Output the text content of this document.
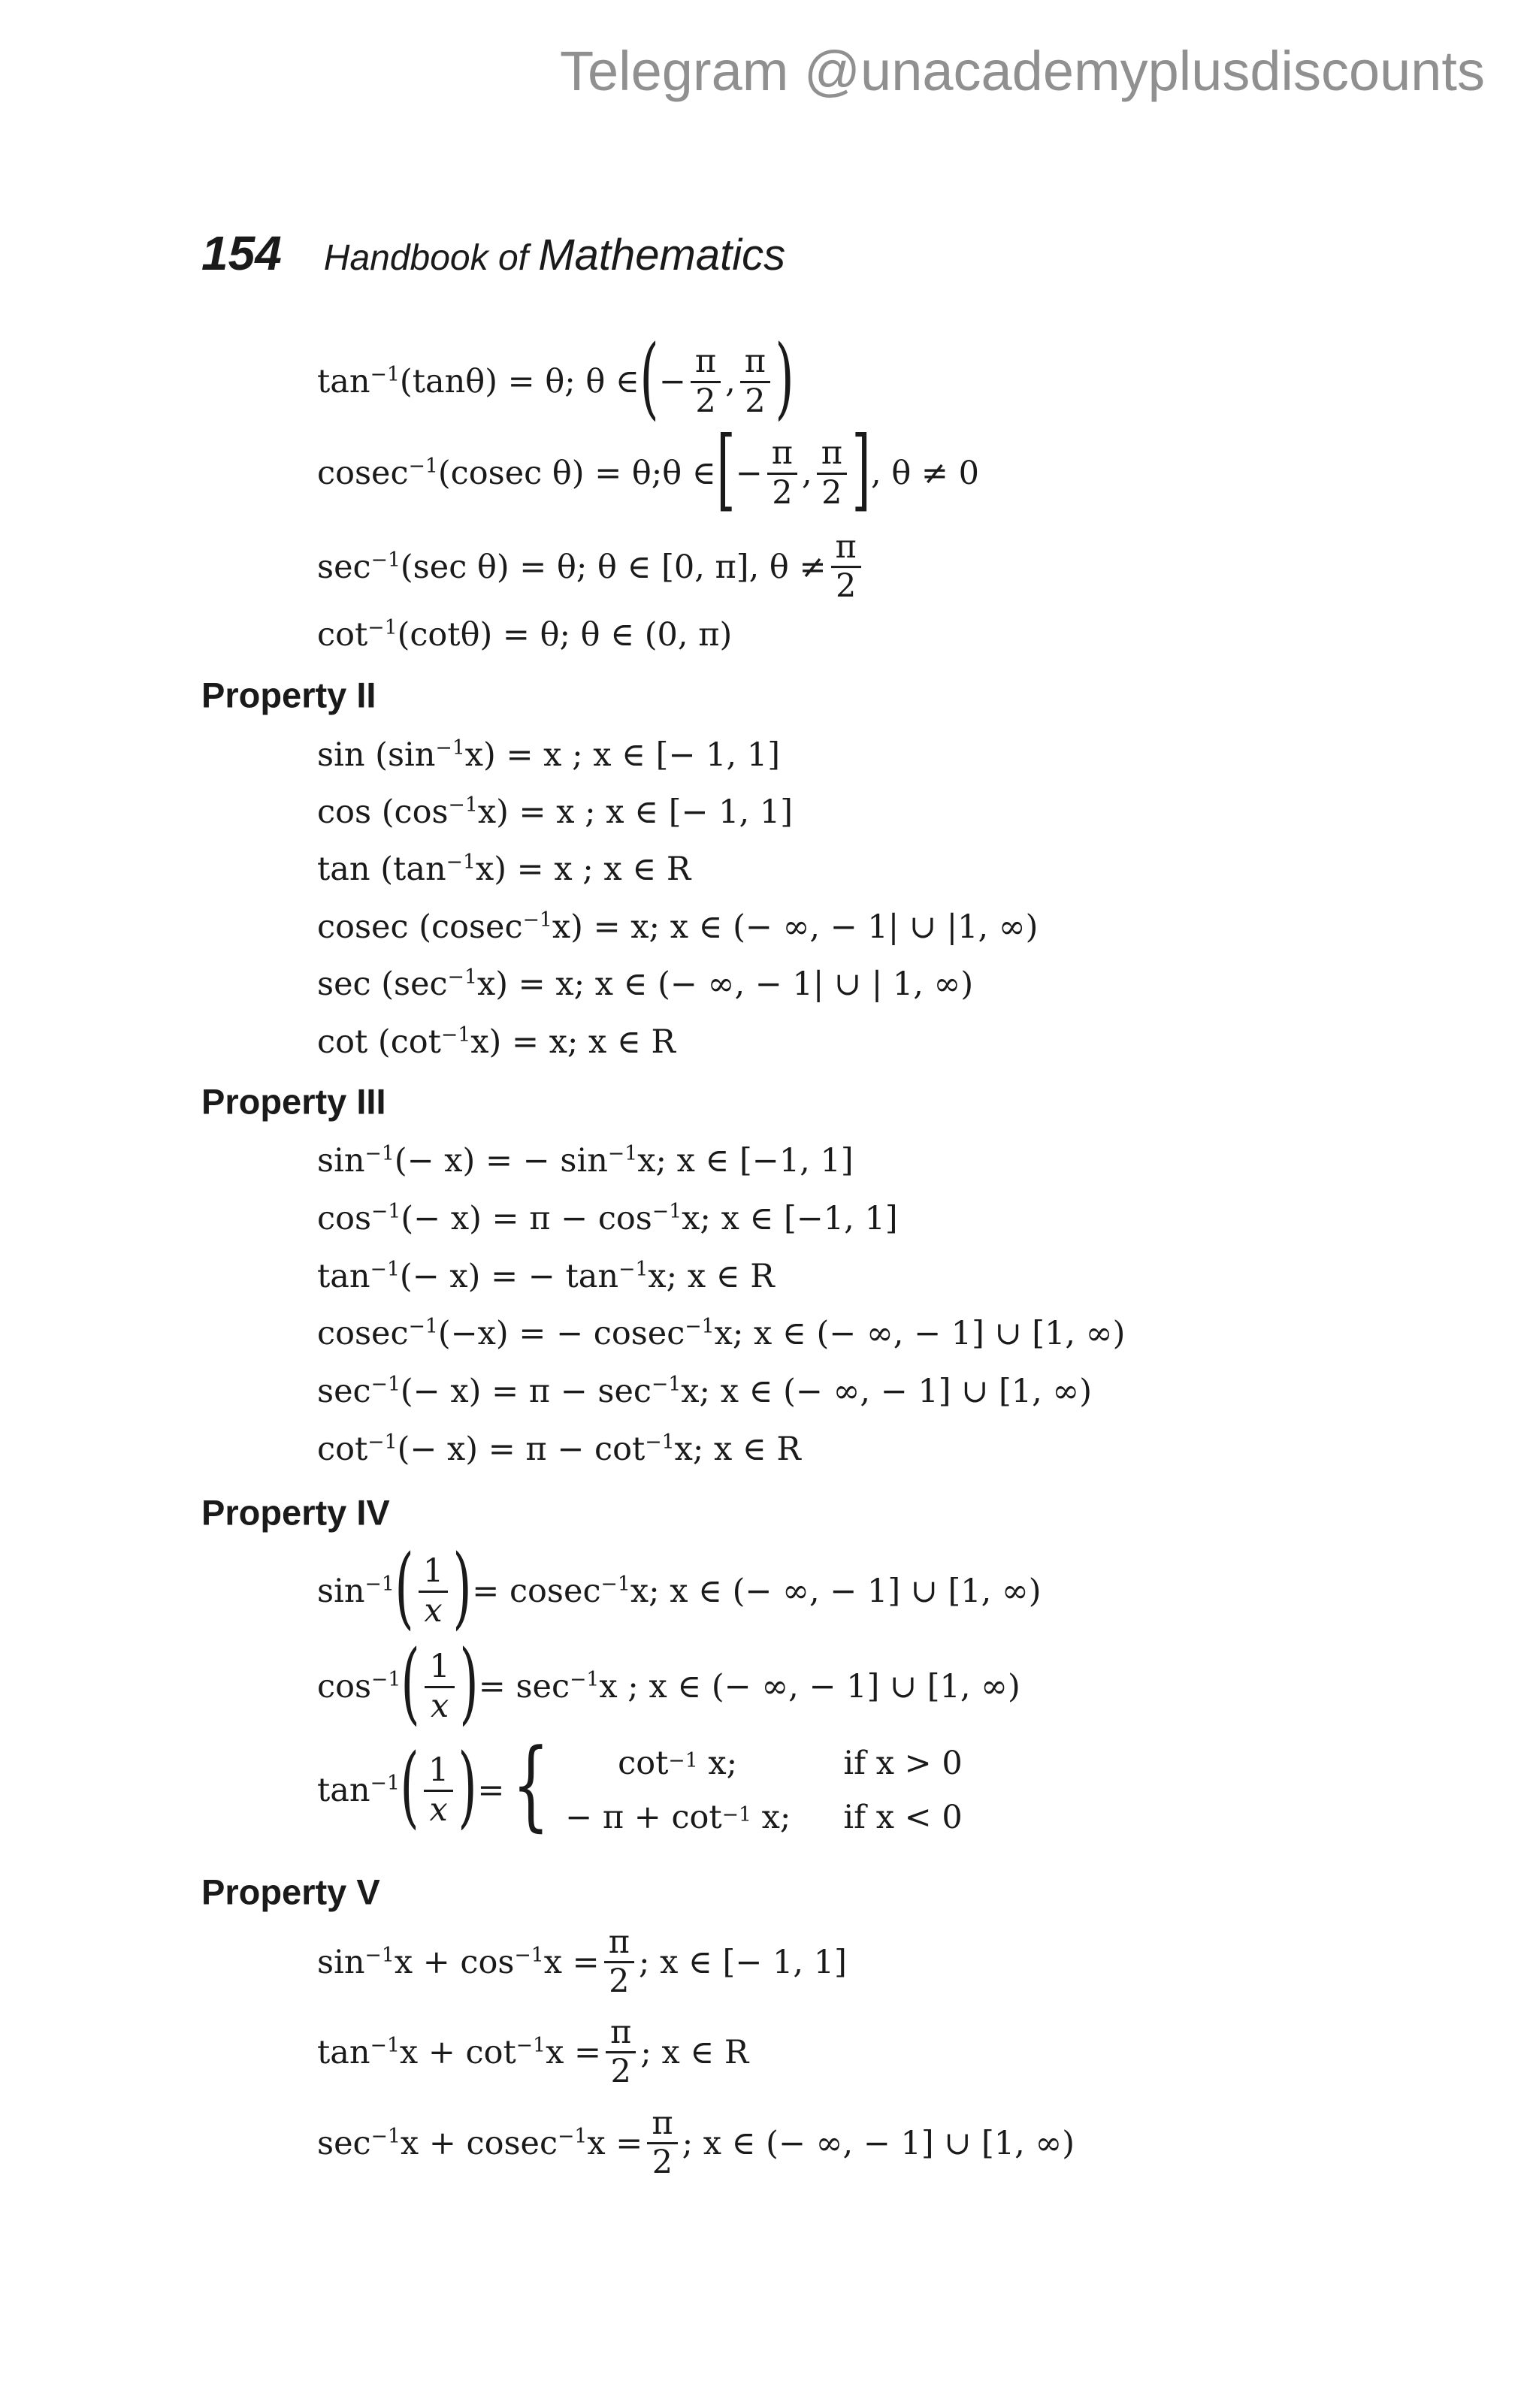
Telegram @unacademyplusdiscounts
154 Handbook of Mathematics
$\tan^{-1} (\tan\theta) = \theta$; θ ∈ ( − $\frac{\pi}{2}$ , $\frac{\pi}{2}$ )
cosec$^{-1}$ (cosec θ) = θ;θ ∈ [ − $\frac{\pi}{2}$ , $\frac{\pi}{2}$ ] , θ ≠ 0
$\sec^{-1} (\sec$ θ) = θ; θ ∈ [0, π], $\theta \ne \frac{\pi}{2}$
$\cot^{-1} (\cot\theta) = \theta$; θ ∈ (0, π)
Property II
$\sin (\sin^{-1}$ x) = x ; x ∈ [− 1, 1]
$\cos (\cos^{-1}$ x) = x ; x ∈ [− 1, 1]
$\tan (\tan^{-1}$ x) = x ; x ∈ R
cosec (cosec$^{-1}$ x) = x; x ∈ (− ∞, − 1| ∪ |1, ∞)
$\sec (\sec^{-1}$ x) = x; x ∈ (− ∞, − 1| ∪ | 1, ∞)
$\cot (\cot^{-1}$ x) = x; x ∈ R
Property III
$\sin^{-1}$ (− x) = − $\sin^{-1} x$; x ∈ [−1, 1]
$\cos^{-1}$ (− $x) = \pi - \cos^{-1} x$; x ∈ [−1, 1]
$\tan^{-1}$ (− x) = − $\tan^{-1} x$; x ∈ R
cosec$^{-1}$ (−x) = − cosec$^{-1}$ x; x ∈ (− ∞, − 1] ∪ [1, ∞)
$\sec^{-1}$ (− $x) = \pi - \sec^{-1} x$; x ∈ (− ∞, − 1] ∪ [1, ∞)
$\cot^{-1}$ (− $x) = \pi - \cot^{-1} x$; x ∈ R
Property IV
$\sin^{-1}$ ( $\frac{1}{x}$ ) = cosec$^{-1}$ x; x ∈ (− ∞, − 1] ∪ [1, ∞)
$\cos^{-1}$ ( $\frac{1}{x}$ ) = $\sec^{-1} x$ ; x ∈ (− ∞, − 1] ∪ [1, ∞)
$\tan^{-1}$ ( $\frac{1}{x}$ ) = {	$\cot^{-1} x$;	if x > 0
− $\pi + \cot^{-1} x$; if x < 0
Property V
$\sin^{-1} x + \cos^{-1} x = \frac{\pi}{2}$ ; x ∈ [− 1, 1]
$\tan^{-1} x + \cot^{-1} x = \frac{\pi}{2}$ ; x ∈ R
$\sec^{-1} x + cosec^{-1}$ $x = \frac{\pi}{2}$ ; x ∈ (− ∞, − 1] ∪ [1, ∞)
